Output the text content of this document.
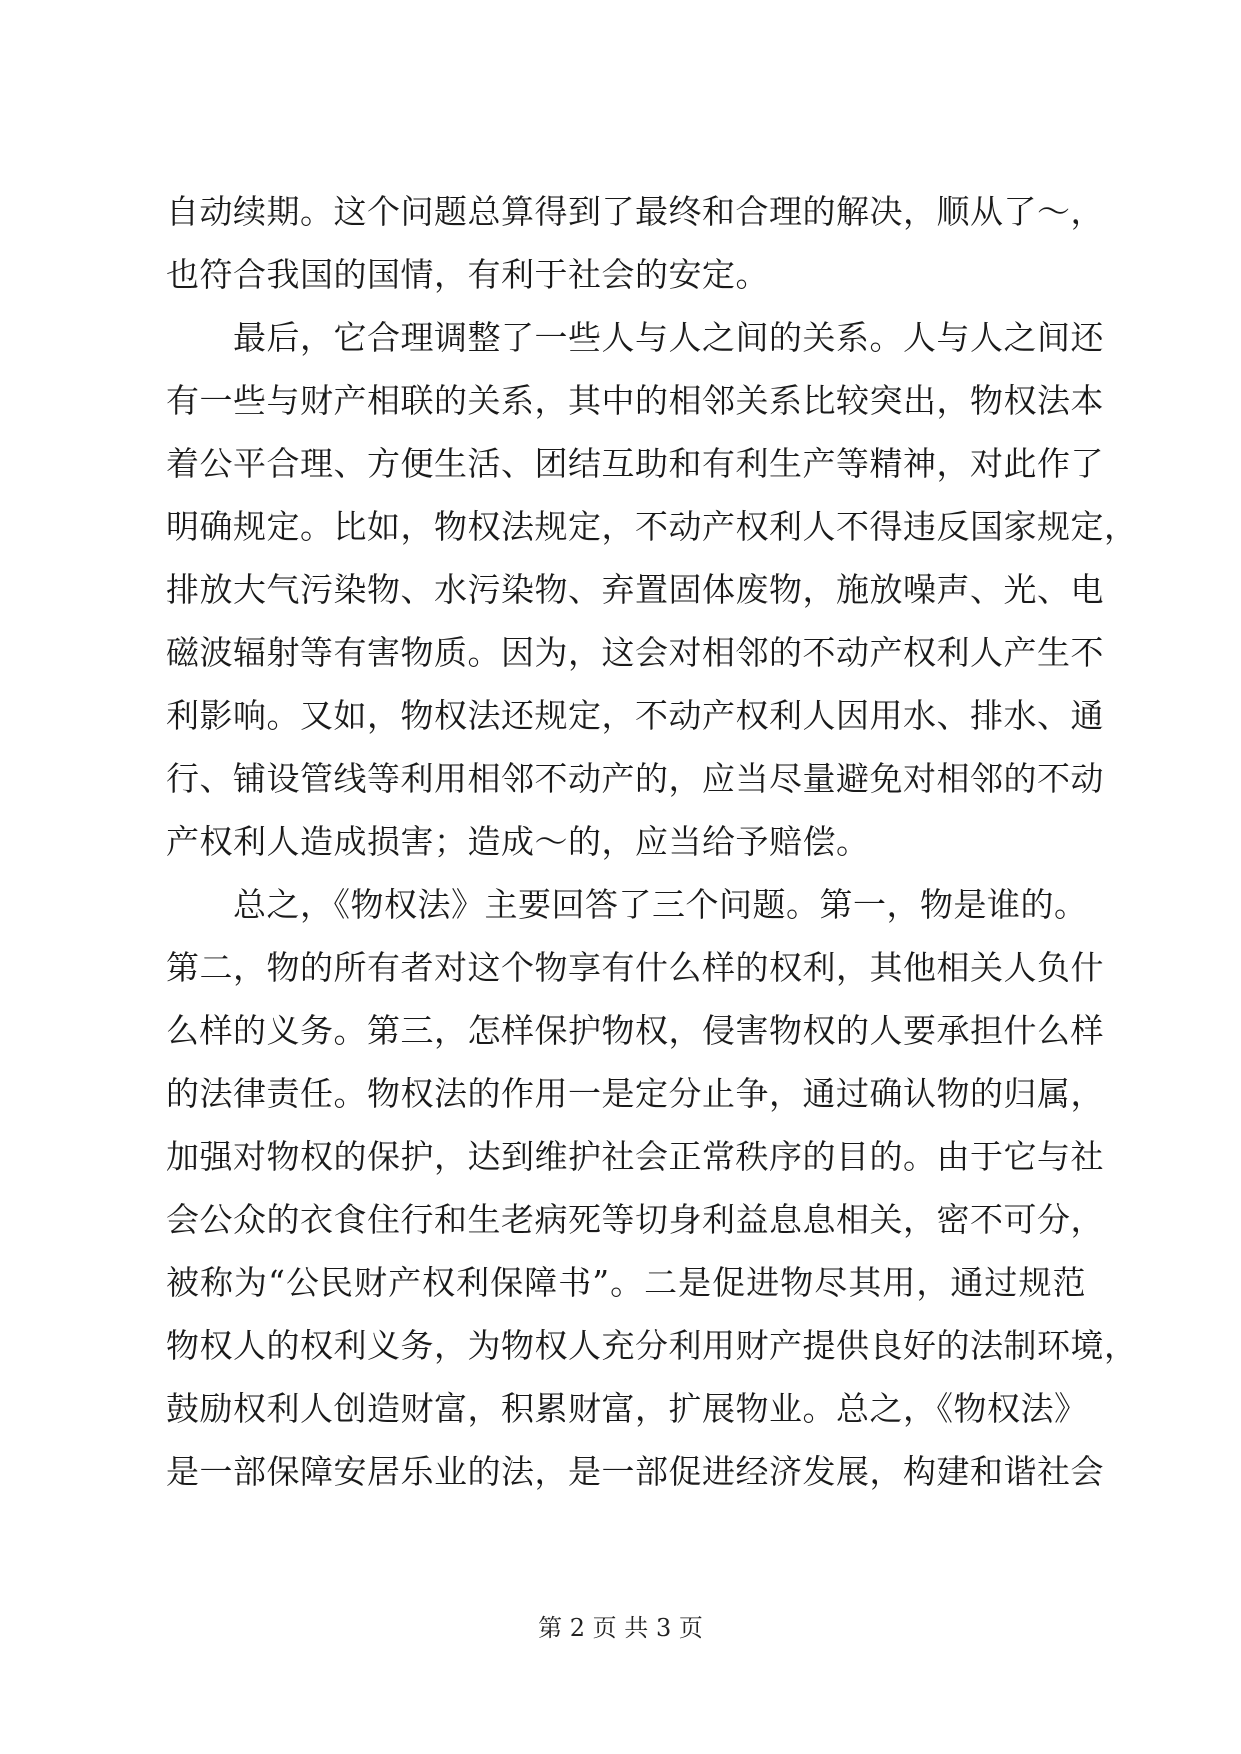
自动续期。这个问题总算得到了最终和合理的解决，顺从了～，
也符合我国的国情，有利于社会的安定。
　　最后，它合理调整了一些人与人之间的关系。人与人之间还
有一些与财产相联的关系，其中的相邻关系比较突出，物权法本
着公平合理、方便生活、团结互助和有利生产等精神，对此作了
明确规定。比如，物权法规定，不动产权利人不得违反国家规定，
排放大气污染物、水污染物、弃置固体废物，施放噪声、光、电
磁波辐射等有害物质。因为，这会对相邻的不动产权利人产生不
利影响。又如，物权法还规定，不动产权利人因用水、排水、通
行、铺设管线等利用相邻不动产的，应当尽量避免对相邻的不动
产权利人造成损害；造成～的，应当给予赔偿。
　　总之，《物权法》主要回答了三个问题。第一，物是谁的。
第二，物的所有者对这个物享有什么样的权利，其他相关人负什
么样的义务。第三，怎样保护物权，侵害物权的人要承担什么样
的法律责任。物权法的作用一是定分止争，通过确认物的归属，
加强对物权的保护，达到维护社会正常秩序的目的。由于它与社
会公众的衣食住行和生老病死等切身利益息息相关，密不可分，
被称为“公民财产权利保障书”。二是促进物尽其用，通过规范
物权人的权利义务，为物权人充分利用财产提供良好的法制环境，
鼓励权利人创造财富，积累财富，扩展物业。总之，《物权法》
是一部保障安居乐业的法，是一部促进经济发展，构建和谐社会
第 2 页 共 3 页
